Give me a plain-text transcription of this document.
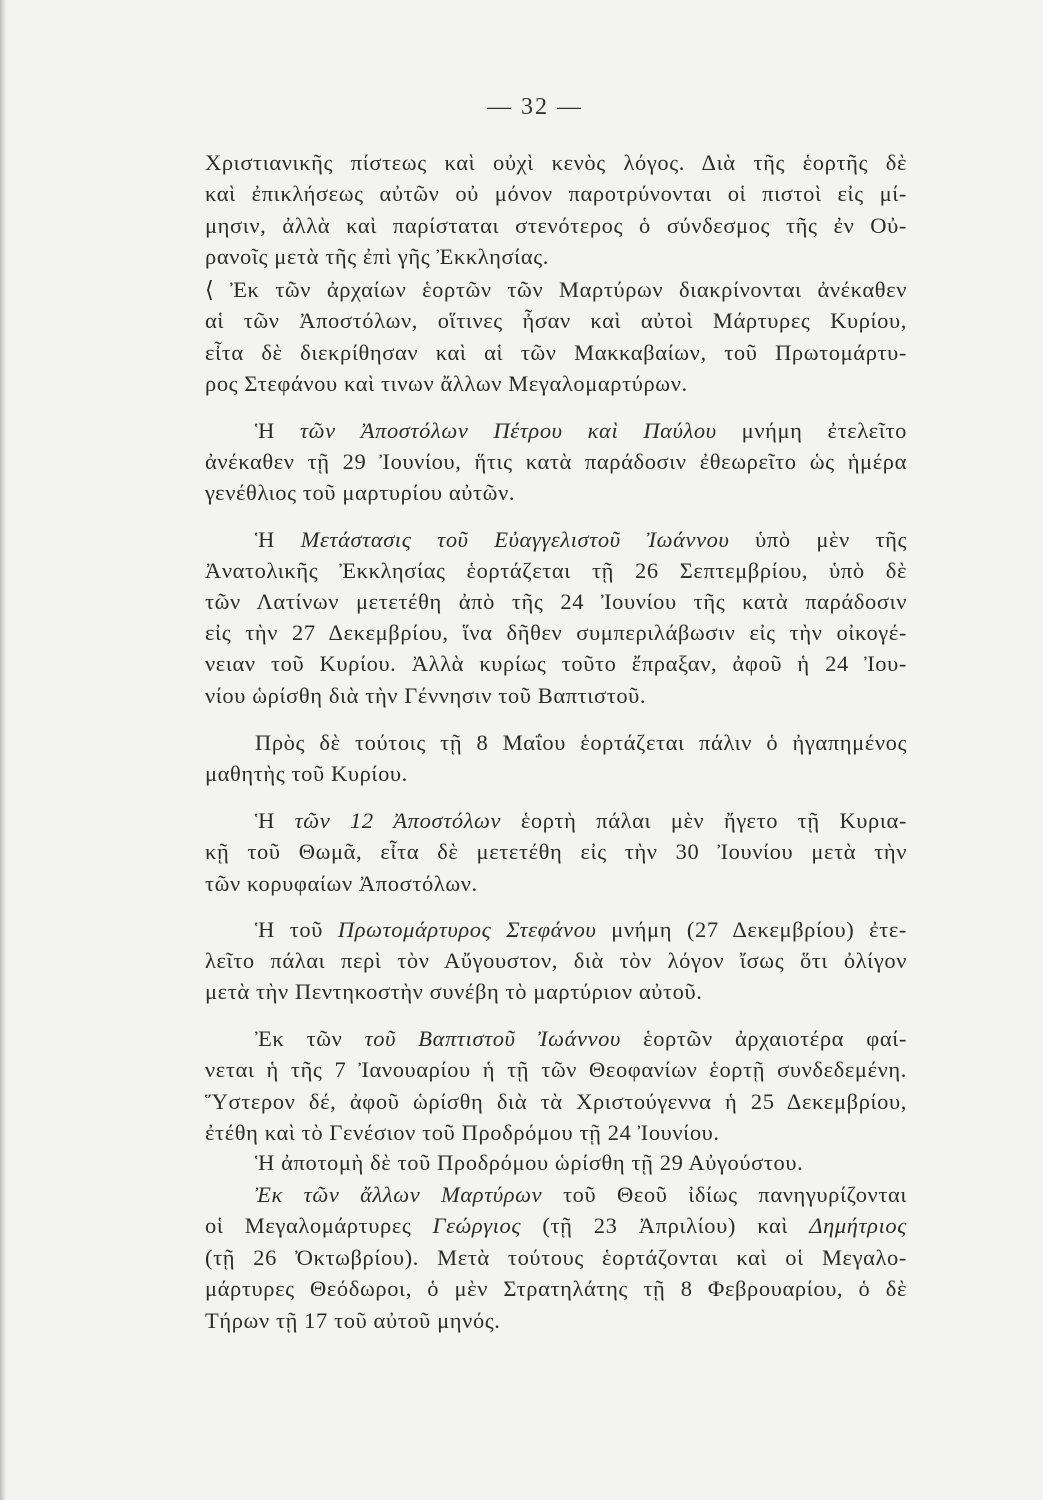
— 32 —
Χριστιανικῆς πίστεως καὶ οὐχὶ κενὸς λόγος. Διὰ τῆς ἑορτῆς δὲ
καὶ ἐπικλήσεως αὐτῶν οὐ μόνον παροτρύνονται οἱ πιστοὶ εἰς μί-
μησιν, ἀλλὰ καὶ παρίσταται στενότερος ὁ σύνδεσμος τῆς ἐν Οὐ-
ρανοῖς μετὰ τῆς ἐπὶ γῆς Ἐκκλησίας.
⟨ Ἐκ τῶν ἀρχαίων ἑορτῶν τῶν Μαρτύρων διακρίνονται ἀνέκαθεν
αἱ τῶν Ἀποστόλων, οἵτινες ἦσαν καὶ αὐτοὶ Μάρτυρες Κυρίου,
εἶτα δὲ διεκρίθησαν καὶ αἱ τῶν Μακκαβαίων, τοῦ Πρωτομάρτυ-
ρος Στεφάνου καὶ τινων ἄλλων Μεγαλομαρτύρων.
Ἡ τῶν Ἀποστόλων Πέτρου καὶ Παύλου μνήμη ἐτελεῖτο
ἀνέκαθεν τῇ 29 Ἰουνίου, ἥτις κατὰ παράδοσιν ἐθεωρεῖτο ὡς ἡμέρα
γενέθλιος τοῦ μαρτυρίου αὐτῶν.
Ἡ Μετάστασις τοῦ Εὐαγγελιστοῦ Ἰωάννου ὑπὸ μὲν τῆς
Ἀνατολικῆς Ἐκκλησίας ἑορτάζεται τῇ 26 Σεπτεμβρίου, ὑπὸ δὲ
τῶν Λατίνων μετετέθη ἀπὸ τῆς 24 Ἰουνίου τῆς κατὰ παράδοσιν
εἰς τὴν 27 Δεκεμβρίου, ἵνα δῆθεν συμπεριλάβωσιν εἰς τὴν οἰκογέ-
νειαν τοῦ Κυρίου. Ἀλλὰ κυρίως τοῦτο ἔπραξαν, ἀφοῦ ἡ 24 Ἰου-
νίου ὡρίσθη διὰ τὴν Γέννησιν τοῦ Βαπτιστοῦ.
Πρὸς δὲ τούτοις τῇ 8 Μαΐου ἑορτάζεται πάλιν ὁ ἠγαπημένος
μαθητὴς τοῦ Κυρίου.
Ἡ τῶν 12 Ἀποστόλων ἑορτὴ πάλαι μὲν ἤγετο τῇ Κυρια-
κῇ τοῦ Θωμᾶ, εἶτα δὲ μετετέθη εἰς τὴν 30 Ἰουνίου μετὰ τὴν
τῶν κορυφαίων Ἀποστόλων.
Ἡ τοῦ Πρωτομάρτυρος Στεφάνου μνήμη (27 Δεκεμβρίου) ἐτε-
λεῖτο πάλαι περὶ τὸν Αὔγουστον, διὰ τὸν λόγον ἴσως ὅτι ὀλίγον
μετὰ τὴν Πεντηκοστὴν συνέβη τὸ μαρτύριον αὐτοῦ.
Ἐκ τῶν τοῦ Βαπτιστοῦ Ἰωάννου ἑορτῶν ἀρχαιοτέρα φαί-
νεται ἡ τῆς 7 Ἰανουαρίου ἡ τῇ τῶν Θεοφανίων ἑορτῇ συνδεδεμένη.
Ὕστερον δέ, ἀφοῦ ὡρίσθη διὰ τὰ Χριστούγεννα ἡ 25 Δεκεμβρίου,
ἐτέθη καὶ τὸ Γενέσιον τοῦ Προδρόμου τῇ 24 Ἰουνίου.
Ἡ ἀποτομὴ δὲ τοῦ Προδρόμου ὡρίσθη τῇ 29 Αὐγούστου.
Ἐκ τῶν ἄλλων Μαρτύρων τοῦ Θεοῦ ἰδίως πανηγυρίζονται
οἱ Μεγαλομάρτυρες Γεώργιος (τῇ 23 Ἀπριλίου) καὶ Δημήτριος
(τῇ 26 Ὀκτωβρίου). Μετὰ τούτους ἑορτάζονται καὶ οἱ Μεγαλο-
μάρτυρες Θεόδωροι, ὁ μὲν Στρατηλάτης τῇ 8 Φεβρουαρίου, ὁ δὲ
Τήρων τῇ 17 τοῦ αὐτοῦ μηνός.
